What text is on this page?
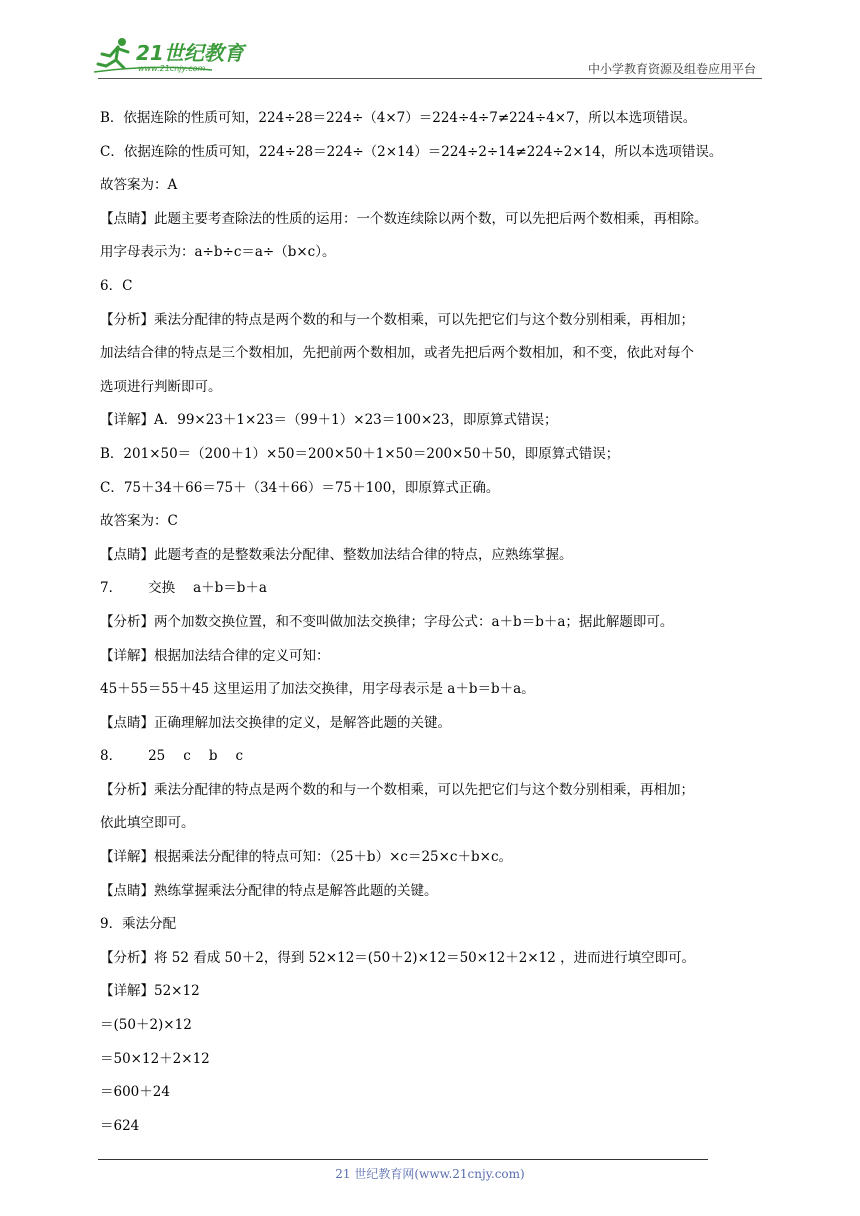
21世纪教育
www.21cnjy.com	中小学教育资源及组卷应用平台
B．依据连除的性质可知，224÷28＝224÷（4×7）＝224÷4÷7≠224÷4×7，所以本选项错误。
C．依据连除的性质可知，224÷28＝224÷（2×14）＝224÷2÷14≠224÷2×14，所以本选项错误。
故答案为：A
【点睛】此题主要考查除法的性质的运用：一个数连续除以两个数，可以先把后两个数相乘，再相除。
用字母表示为：a÷b÷c＝a÷（b×c）。
6．C
【分析】乘法分配律的特点是两个数的和与一个数相乘，可以先把它们与这个数分别相乘，再相加；
加法结合律的特点是三个数相加，先把前两个数相加，或者先把后两个数相加，和不变，依此对每个
选项进行判断即可。
【详解】A．99×23＋1×23＝（99＋1）×23＝100×23，即原算式错误；
B．201×50＝（200＋1）×50＝200×50＋1×50＝200×50＋50，即原算式错误；
C．75＋34＋66＝75＋（34＋66）＝75＋100，即原算式正确。
故答案为：C
【点睛】此题考查的是整数乘法分配律、整数加法结合律的特点，应熟练掌握。
7． 交换 a＋b＝b＋a
【分析】两个加数交换位置，和不变叫做加法交换律；字母公式：a＋b＝b＋a；据此解题即可。
【详解】根据加法结合律的定义可知：
45＋55＝55＋45 这里运用了加法交换律，用字母表示是 a＋b＝b＋a。
【点睛】正确理解加法交换律的定义，是解答此题的关键。
8． 25 c b c
【分析】乘法分配律的特点是两个数的和与一个数相乘，可以先把它们与这个数分别相乘，再相加；
依此填空即可。
【详解】根据乘法分配律的特点可知：（25＋b）×c＝25×c＋b×c。
【点睛】熟练掌握乘法分配律的特点是解答此题的关键。
9．乘法分配
【分析】将 52 看成 50＋2，得到 52×12＝(50＋2)×12＝50×12＋2×12 ，进而进行填空即可。
【详解】52×12
＝(50＋2)×12
＝50×12＋2×12
＝600＋24
＝624
21 世纪教育网(www.21cnjy.com)
